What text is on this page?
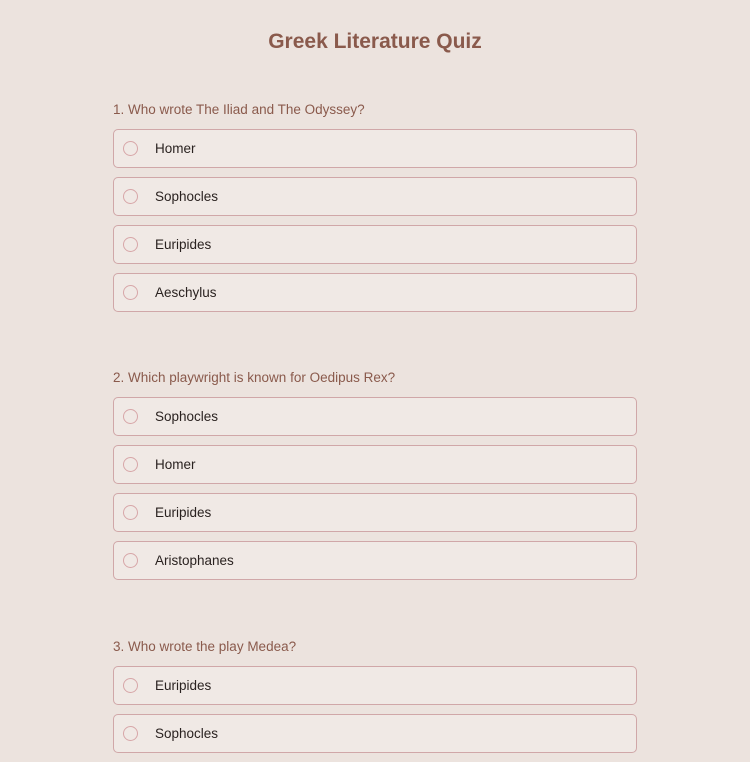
Greek Literature Quiz

1. Who wrote The Iliad and The Odyssey?

Homer
Sophocles
Euripides
Aeschylus

2. Which playwright is known for Oedipus Rex?

Sophocles
Homer
Euripides
Aristophanes

3. Who wrote the play Medea?

Euripides
Sophocles
